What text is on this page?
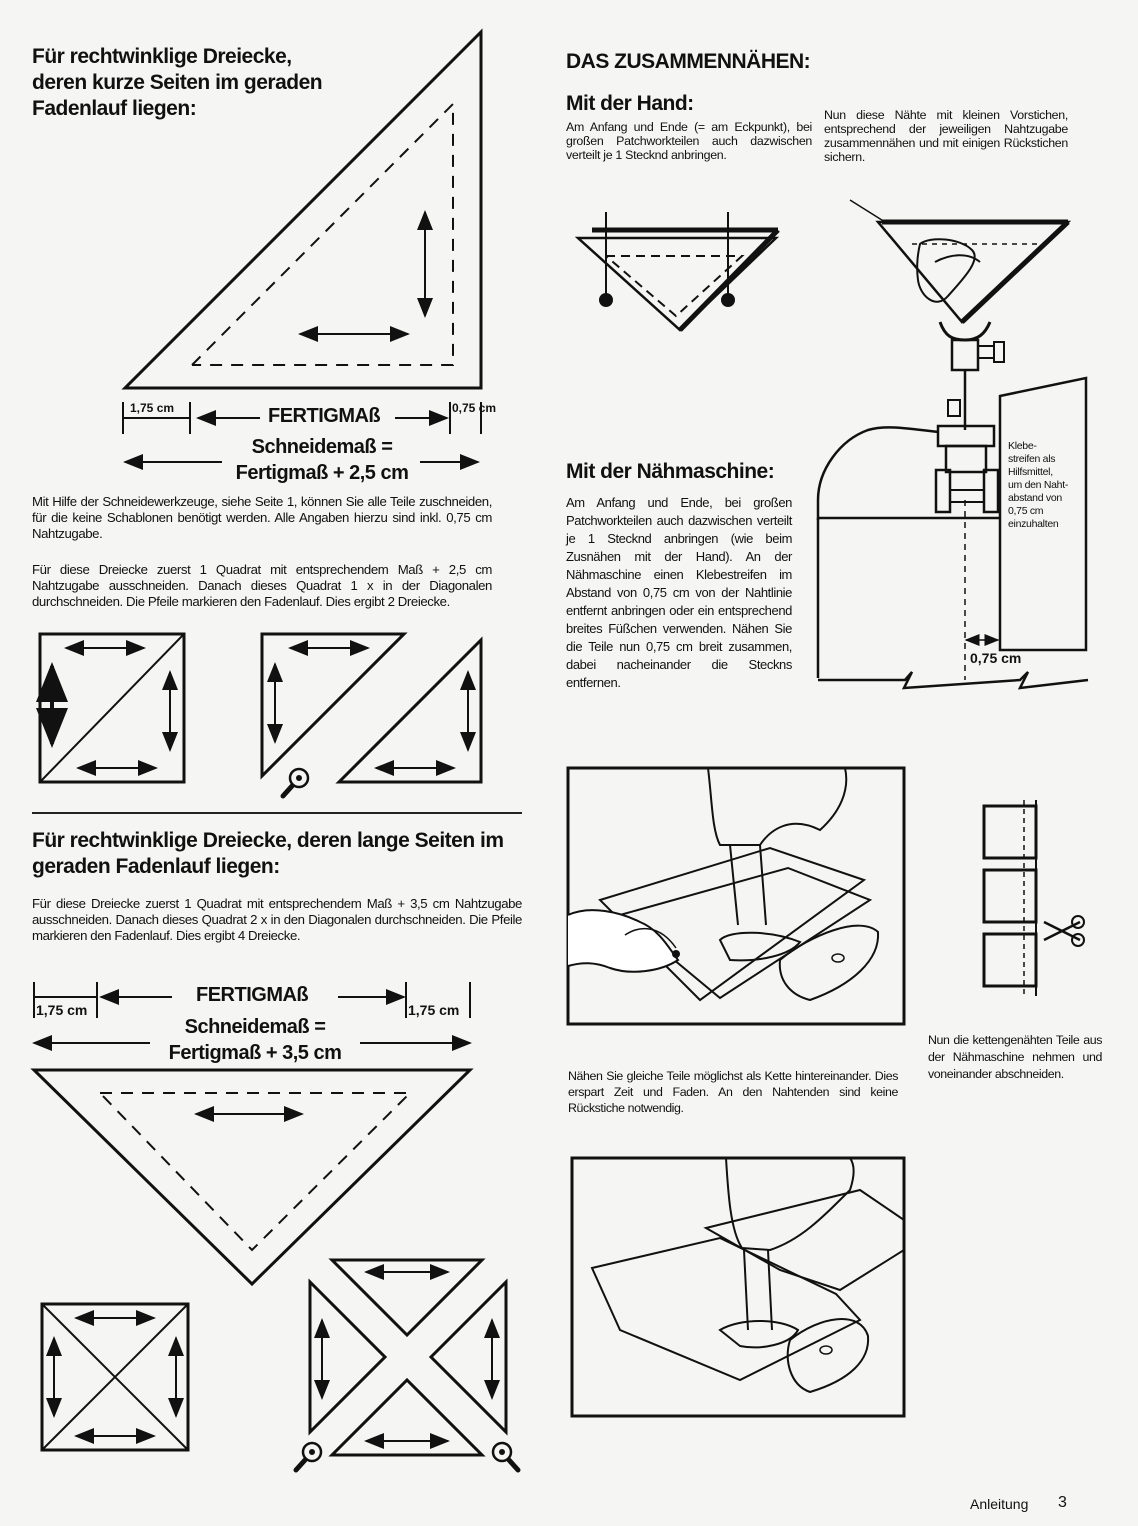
Für rechtwinklige Dreiecke,
deren kurze Seiten im geraden
Fadenlauf liegen:
1,75 cm	FERTIGMAß	0,75 cm
Schneidemaß =
Fertigmaß + 2,5 cm
Mit Hilfe der Schneidewerkzeuge, siehe Seite 1, können Sie alle Teile zuschneiden, für die keine Schablonen benötigt werden. Alle Angaben hierzu sind inkl. 0,75 cm Nahtzugabe.
Für diese Dreiecke zuerst 1 Quadrat mit entsprechendem Maß + 2,5 cm Nahtzugabe ausschneiden. Danach dieses Quadrat 1 x in der Diagonalen durchschneiden. Die Pfeile markieren den Fadenlauf. Dies ergibt 2 Dreiecke.
Für rechtwinklige Dreiecke, deren lange Seiten im
geraden Fadenlauf liegen:
Für diese Dreiecke zuerst 1 Quadrat mit entsprechendem Maß + 3,5 cm Nahtzugabe ausschneiden. Danach dieses Quadrat 2 x in den Diagonalen durchschneiden. Die Pfeile markieren den Fadenlauf. Dies ergibt 4 Dreiecke.
1,75 cm
FERTIGMAß
1,75 cm
Schneidemaß =
Fertigmaß + 3,5 cm
DAS ZUSAMMENNÄHEN:
Mit der Hand:
Am Anfang und Ende (= am Eckpunkt), bei großen Patchworkteilen auch dazwischen verteilt je 1 Stecknd anbringen.
Nun diese Nähte mit kleinen Vorstichen, entsprechend der jeweiligen Nahtzugabe zusammennähen und mit einigen Rückstichen sichern.
Mit der Nähmaschine:
Am Anfang und Ende, bei großen Patchworkteilen auch dazwischen verteilt je 1 Stecknd anbringen (wie beim Zusnähen mit der Hand). An der Nähmaschine einen Klebestreifen im Abstand von 0,75 cm von der Nahtlinie entfernt anbringen oder ein entsprechend breites Füßchen verwenden. Nähen Sie die Teile nun 0,75 cm breit zusammen, dabei nacheinander die Steckns entfernen.
Klebe-
streifen als
Hilfsmittel,
um den Naht-
abstand von
0,75 cm
einzuhalten
0,75 cm
Nähen Sie gleiche Teile möglichst als Kette hintereinander. Dies erspart Zeit und Faden. An den Nahtenden sind keine Rückstiche notwendig.
Nun die kettengenähten Teile aus der Nähmaschine nehmen und voneinander abschneiden.
Anleitung 3
